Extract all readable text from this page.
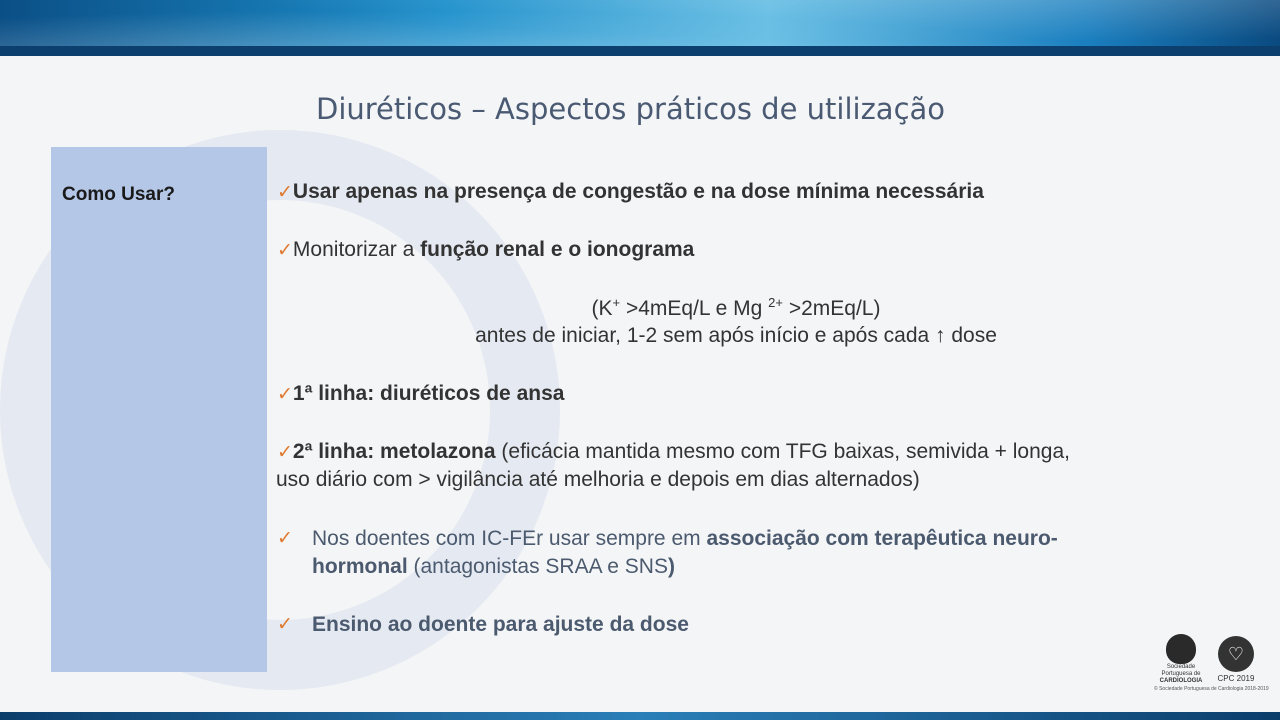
Diuréticos – Aspectos práticos de utilização
Como Usar?	✓Usar apenas na presença de congestão e na dose mínima necessária
✓Monitorizar a função renal e o ionograma
(K+ >4mEq/L e Mg $^{2+}$ >2mEq/L)
antes de iniciar, 1-2 sem após início e após cada ↑ dose
✓1ª linha: diuréticos de ansa
✓2ª linha: metolazona (eficácia mantida mesmo com TFG baixas, semivida + longa,
uso diário com > vigilância até melhoria e depois em dias alternados)
✓ Nos doentes com IC-FEr usar sempre em associação com terapêutica neuro-
hormonal (antagonistas SRAA e SNS)
✓ Ensino ao doente para ajuste da dose
Sociedade Portuguesa de
CARDIOLOGIA
♡
CPC 2019
© Sociedade Portuguesa de Cardiologia 2018-2019
